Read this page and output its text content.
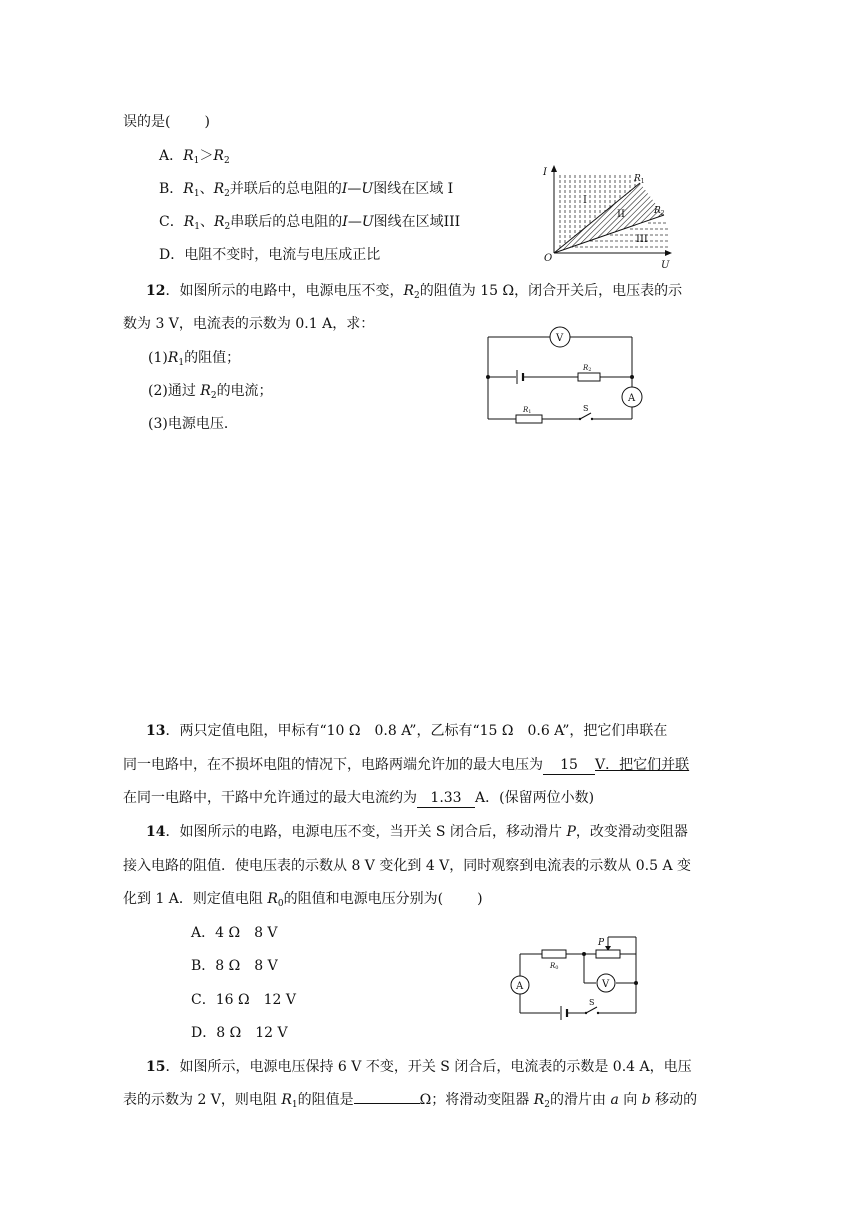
误的是( )
A．$R_1>R_2$
B．$R_1$、$R_2$并联后的总电阻的I—U图线在区域 I
C．$R_1$、$R_2$串联后的总电阻的I—U图线在区域III
D．电阻不变时，电流与电压成正比
I
U
O
$R_1$
$R_2$
I
II
III
12．如图所示的电路中，电源电压不变，$R_2$的阻值为 15 Ω，闭合开关后，电压表的示
数为 3 V，电流表的示数为 0.1 A，求：
$(1)R_1$的阻值；
(2)通过 $R_2$的电流；
(3)电源电压．
R2
R1	S
V
A
13．两只定值电阻，甲标有“10 Ω　0.8 A”，乙标有“15 Ω　0.6 A”，把它们串联在
同一电路中，在不损坏电阻的情况下，电路两端允许加的最大电压为 15 V．把它们并联
在同一电路中，干路中允许通过的最大电流约为 1.33 A．(保留两位小数)
14．如图所示的电路，电源电压不变，当开关 S 闭合后，移动滑片 P，改变滑动变阻器
接入电路的阻值．使电压表的示数从 8 V 变化到 4 V，同时观察到电流表的示数从 0.5 A 变
化到 1 A．则定值电阻 $R_0$的阻值和电源电压分别为( )
A．4 Ω　8 V
B．8 Ω　8 V
C．16 Ω　12 V
D．8 Ω　12 V
P
R0
A	V
S
15．如图所示，电源电压保持 6 V 不变，开关 S 闭合后，电流表的示数是 0.4 A，电压
表的示数为 2 V，则电阻 $R_1$的阻值是	Ω；将滑动变阻器 $R_2$的滑片由 a 向 b 移动的
